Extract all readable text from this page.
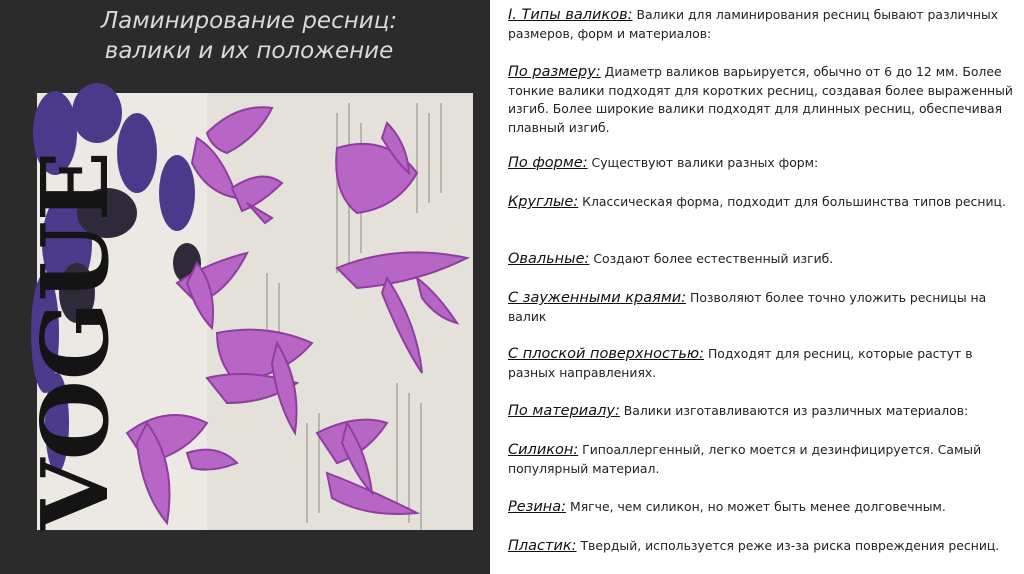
Ламинирование ресниц:
валики и их положение
VOGUE
I. Типы валиков: Валики для ламинирования ресниц бывают различных размеров, форм и материалов:
По размеру: Диаметр валиков варьируется, обычно от 6 до 12 мм. Более тонкие валики подходят для коротких ресниц, создавая более выраженный изгиб. Более широкие валики подходят для длинных ресниц, обеспечивая плавный изгиб.
По форме: Существуют валики разных форм:
Круглые: Классическая форма, подходит для большинства типов ресниц.
Овальные: Создают более естественный изгиб.
С зауженными краями: Позволяют более точно уложить ресницы на валик
С плоской поверхностью: Подходят для ресниц, которые растут в разных направлениях.
По материалу: Валики изготавливаются из различных материалов:
Силикон: Гипоаллергенный, легко моется и дезинфицируется. Самый популярный материал.
Резина: Мягче, чем силикон, но может быть менее долговечным.
Пластик: Твердый, используется реже из-за риска повреждения ресниц.
